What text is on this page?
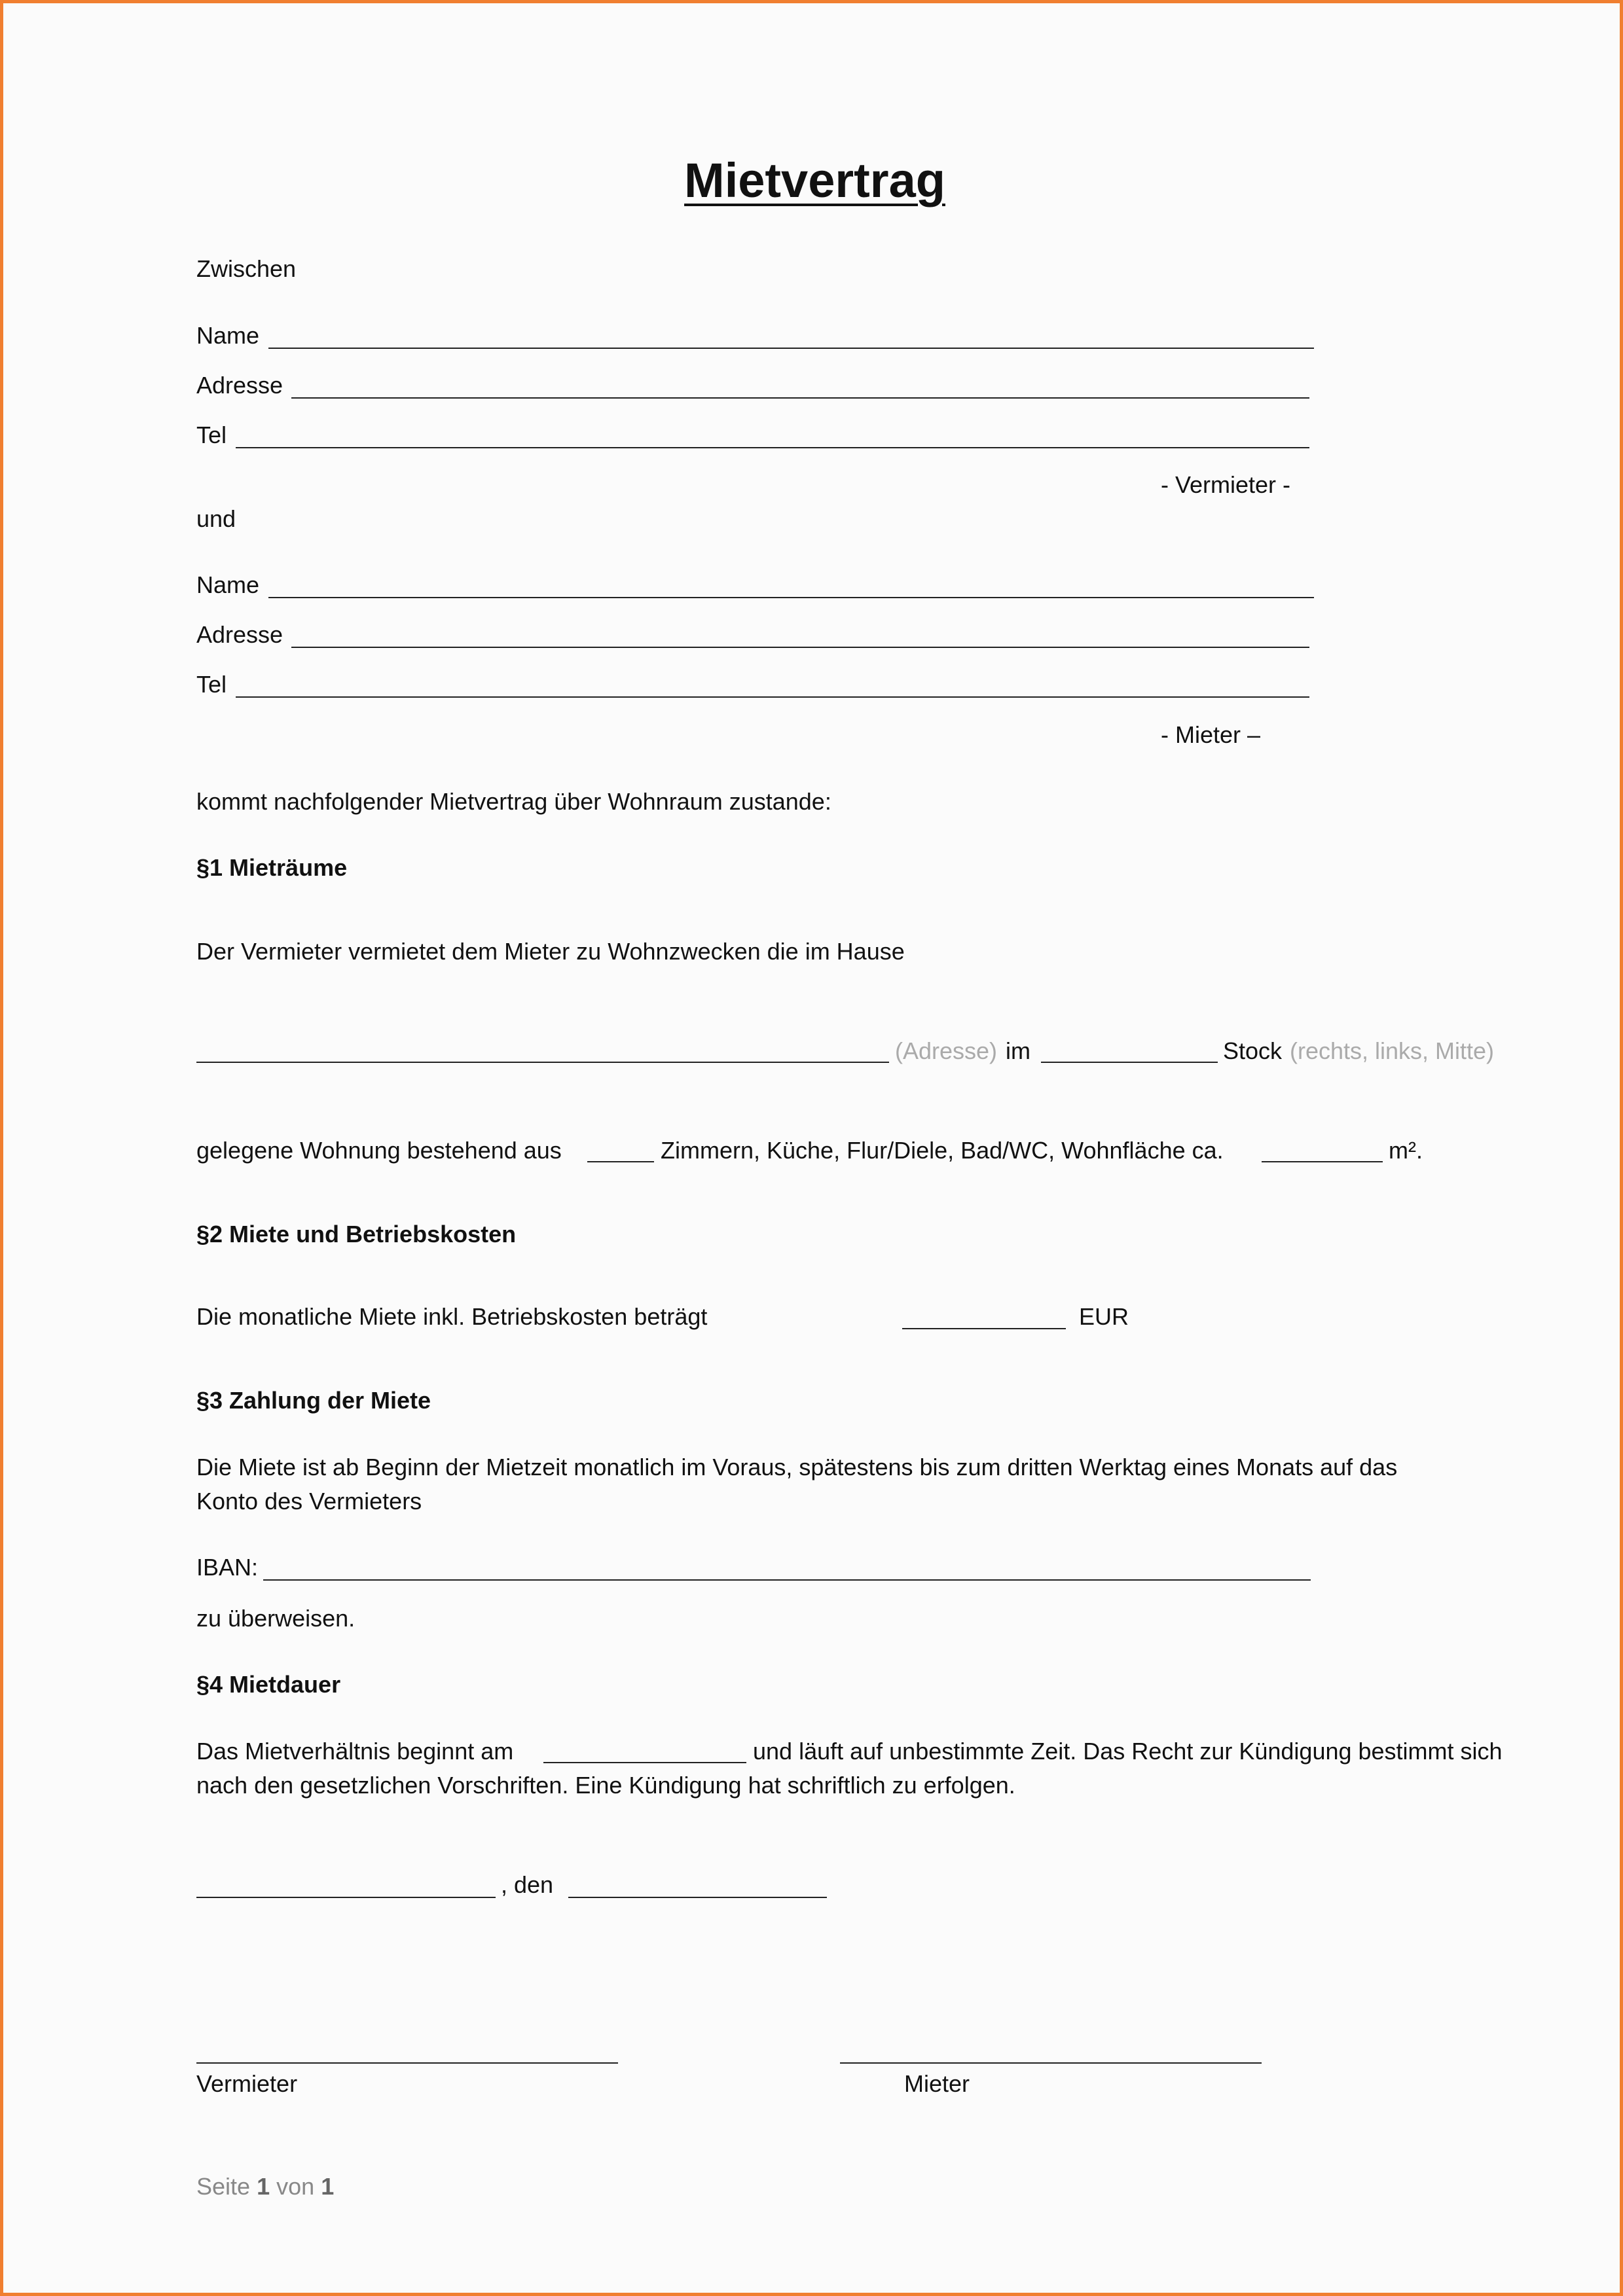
Mietvertrag
Zwischen
Name
Adresse
Tel
- Vermieter -
und
Name
Adresse
Tel
- Mieter –
kommt nachfolgender Mietvertrag über Wohnraum zustande:
§1 Mieträume
Der Vermieter vermietet dem Mieter zu Wohnzwecken die im Hause
(Adresse) im	Stock (rechts, links, Mitte)
gelegene Wohnung bestehend aus	Zimmern, Küche, Flur/Diele, Bad/WC, Wohnfläche ca.	m².
§2 Miete und Betriebskosten
Die monatliche Miete inkl. Betriebskosten beträgt	EUR
§3 Zahlung der Miete
Die Miete ist ab Beginn der Mietzeit monatlich im Voraus, spätestens bis zum dritten Werktag eines Monats auf das
Konto des Vermieters
IBAN:
zu überweisen.
§4 Mietdauer
Das Mietverhältnis beginnt am	und läuft auf unbestimmte Zeit. Das Recht zur Kündigung bestimmt sich
nach den gesetzlichen Vorschriften. Eine Kündigung hat schriftlich zu erfolgen.
, den
Vermieter	Mieter
Seite 1 von 1
